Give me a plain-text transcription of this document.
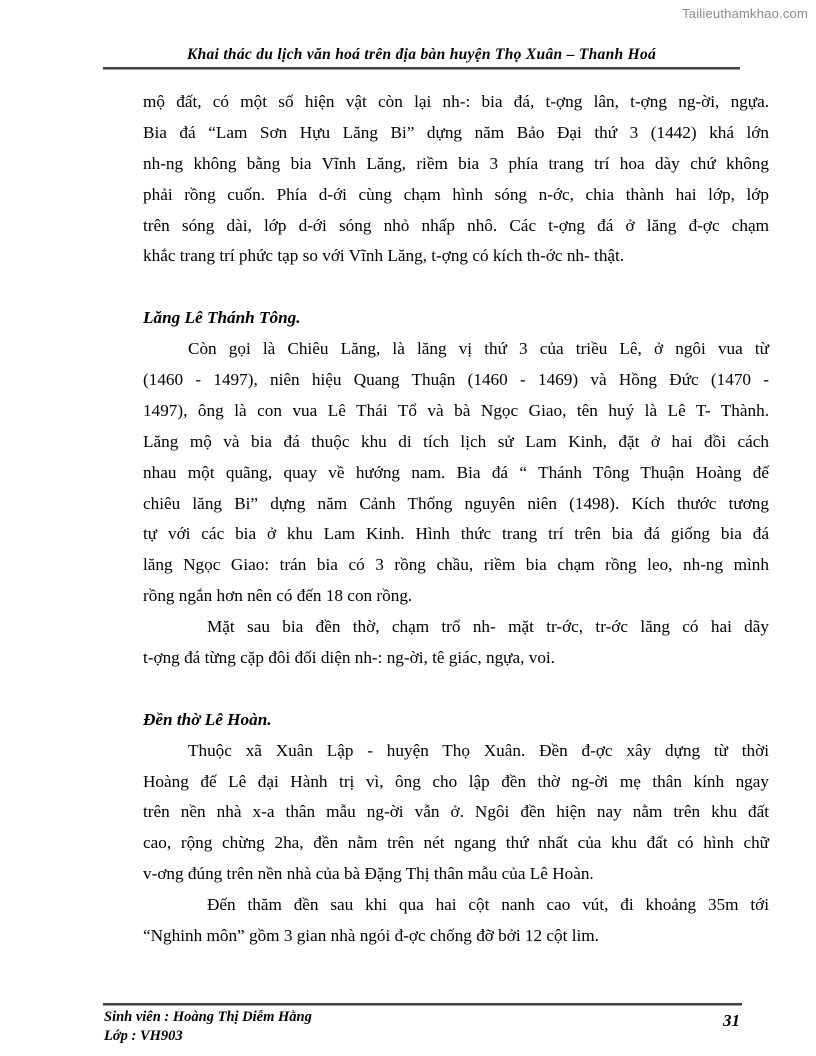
Tailieuthamkhao.com
Khai thác du lịch văn hoá trên địa bàn huyện Thọ Xuân – Thanh Hoá
mộ đất, có một số hiện vật còn lại nh-: bia đá, t-ợng lân, t-ợng ng-ời, ngựa.
Bia đá “Lam Sơn Hựu Lăng Bi” dựng năm Bảo Đại thứ 3 (1442) khá lớn
nh-ng không bằng bia Vĩnh Lăng, riềm bia 3 phía trang trí hoa dày chứ không
phải rồng cuốn. Phía d-ới cùng chạm hình sóng n-ớc, chia thành hai lớp, lớp
trên sóng dài, lớp d-ới sóng nhỏ nhấp nhô. Các t-ợng đá ở lăng đ-ợc chạm
khắc trang trí phức tạp so với Vĩnh Lăng, t-ợng có kích th-ớc nh- thật.
Lăng Lê Thánh Tông.
Còn gọi là Chiêu Lăng, là lăng vị thứ 3 của triều Lê, ở ngôi vua từ
(1460 - 1497), niên hiệu Quang Thuận (1460 - 1469) và Hồng Đức (1470 -
1497), ông là con vua Lê Thái Tổ và bà Ngọc Giao, tên huý là Lê T- Thành.
Lăng mộ và bia đá thuộc khu di tích lịch sử Lam Kinh, đặt ở hai đồi cách
nhau một quãng, quay về hướng nam. Bia đá “ Thánh Tông Thuận Hoàng đế
chiêu lăng Bi” dựng năm Cảnh Thống nguyên niên (1498). Kích thước tương
tự với các bia ở khu Lam Kinh. Hình thức trang trí trên bia đá giống bia đá
lăng Ngọc Giao: trán bia có 3 rồng chầu, riềm bia chạm rồng leo, nh-ng mình
rồng ngắn hơn nên có đến 18 con rồng.
Mặt sau bia đền thờ, chạm trổ nh- mặt tr-ớc, tr-ớc lăng có hai dãy
t-ợng đá từng cặp đôi đối diện nh-: ng-ời, tê giác, ngựa, voi.
Đền thờ Lê Hoàn.
Thuộc xã Xuân Lập - huyện Thọ Xuân. Đền đ-ợc xây dựng từ thời
Hoàng đế Lê đại Hành trị vì, ông cho lập đền thờ ng-ời mẹ thân kính ngay
trên nền nhà x-a thân mẫu ng-ời vẫn ở. Ngôi đền hiện nay nằm trên khu đất
cao, rộng chừng 2ha, đền nằm trên nét ngang thứ nhất của khu đất có hình chữ
v-ơng đúng trên nền nhà của bà Đặng Thị thân mẫu của Lê Hoàn.
Đến thăm đền sau khi qua hai cột nanh cao vút, đi khoảng 35m tới
“Nghinh môn” gồm 3 gian nhà ngói đ-ợc chống đỡ bởi 12 cột lim.
Sinh viên : Hoàng Thị Diễm Hằng
Lớp : VH903
31
